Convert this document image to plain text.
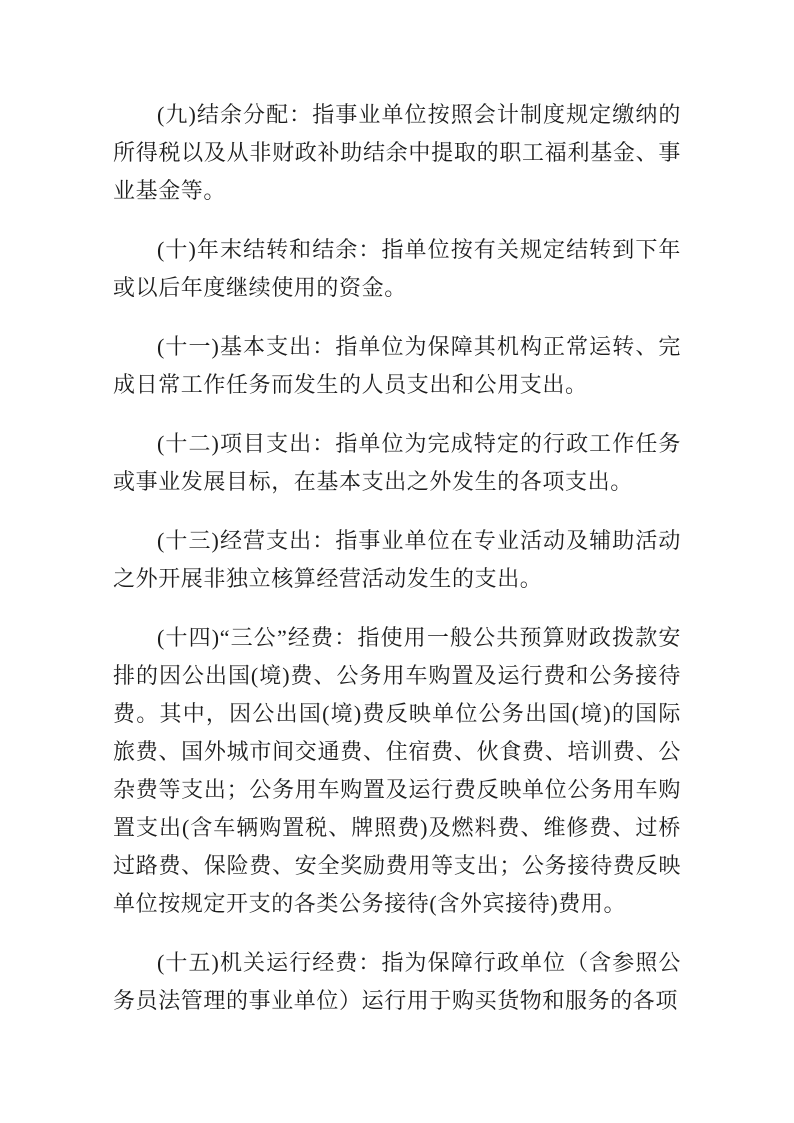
(九)结余分配：指事业单位按照会计制度规定缴纳的所得税以及从非财政补助结余中提取的职工福利基金、事业基金等。

(十)年末结转和结余：指单位按有关规定结转到下年或以后年度继续使用的资金。

(十一)基本支出：指单位为保障其机构正常运转、完成日常工作任务而发生的人员支出和公用支出。

(十二)项目支出：指单位为完成特定的行政工作任务或事业发展目标，在基本支出之外发生的各项支出。

(十三)经营支出：指事业单位在专业活动及辅助活动之外开展非独立核算经营活动发生的支出。

(十四)“三公”经费：指使用一般公共预算财政拨款安排的因公出国(境)费、公务用车购置及运行费和公务接待费。其中，因公出国(境)费反映单位公务出国(境)的国际旅费、国外城市间交通费、住宿费、伙食费、培训费、公杂费等支出；公务用车购置及运行费反映单位公务用车购置支出(含车辆购置税、牌照费)及燃料费、维修费、过桥过路费、保险费、安全奖励费用等支出；公务接待费反映单位按规定开支的各类公务接待(含外宾接待)费用。

(十五)机关运行经费：指为保障行政单位（含参照公务员法管理的事业单位）运行用于购买货物和服务的各项
